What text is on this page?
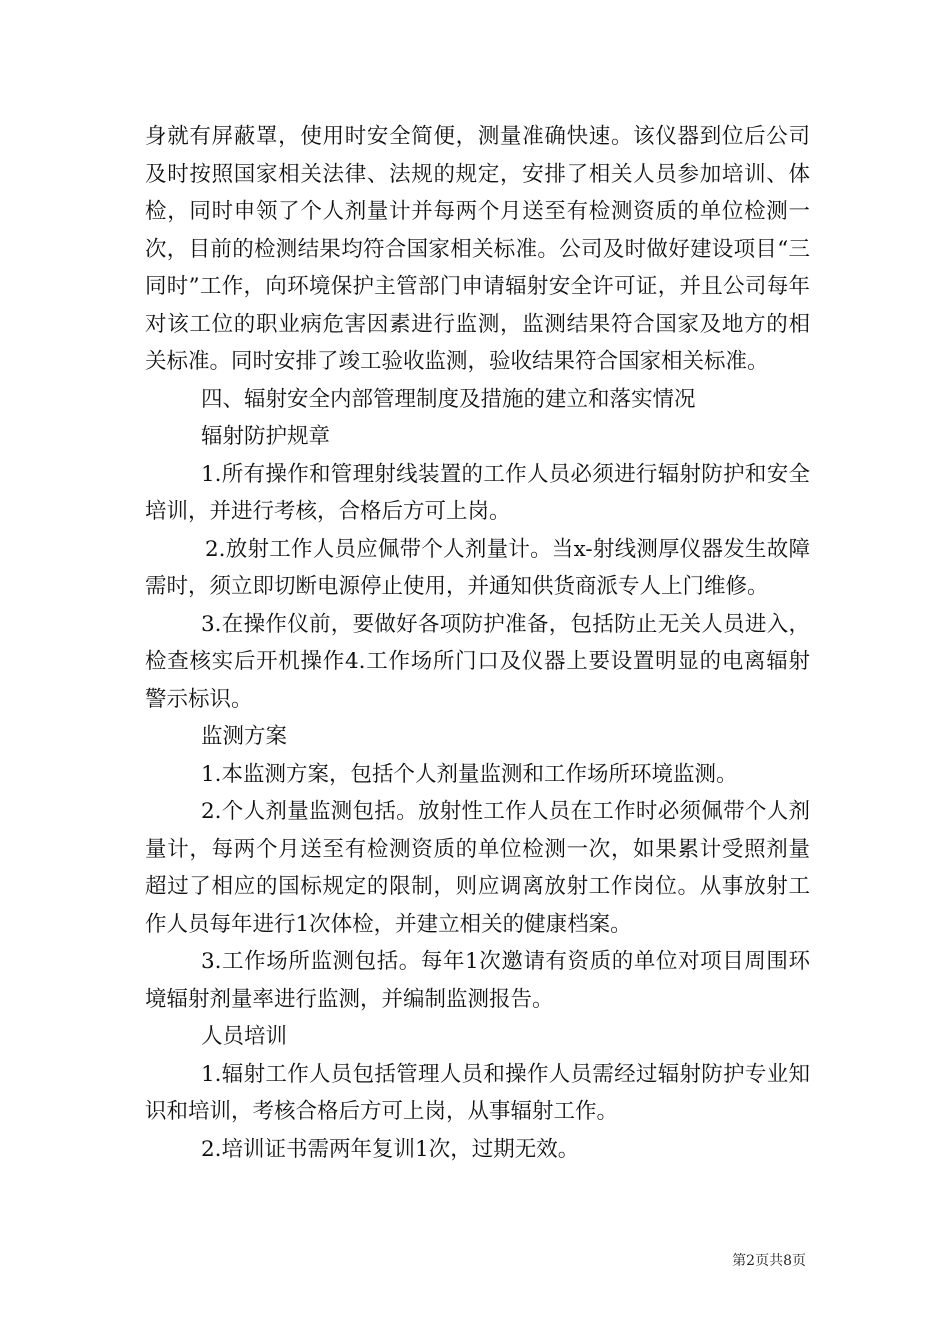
身就有屏蔽罩，使用时安全简便，测量准确快速。该仪器到位后公司及时按照国家相关法律、法规的规定，安排了相关人员参加培训、体检，同时申领了个人剂量计并每两个月送至有检测资质的单位检测一次，目前的检测结果均符合国家相关标准。公司及时做好建设项目“三同时”工作，向环境保护主管部门申请辐射安全许可证，并且公司每年对该工位的职业病危害因素进行监测，监测结果符合国家及地方的相关标准。同时安排了竣工验收监测，验收结果符合国家相关标准。

四、辐射安全内部管理制度及措施的建立和落实情况

辐射防护规章

1.所有操作和管理射线装置的工作人员必须进行辐射防护和安全培训，并进行考核，合格后方可上岗。

2.放射工作人员应佩带个人剂量计。当x-射线测厚仪器发生故障需时，须立即切断电源停止使用，并通知供货商派专人上门维修。

3.在操作仪前，要做好各项防护准备，包括防止无关人员进入，检查核实后开机操作4.工作场所门口及仪器上要设置明显的电离辐射警示标识。

监测方案

1.本监测方案，包括个人剂量监测和工作场所环境监测。

2.个人剂量监测包括。放射性工作人员在工作时必须佩带个人剂量计，每两个月送至有检测资质的单位检测一次，如果累计受照剂量超过了相应的国标规定的限制，则应调离放射工作岗位。从事放射工作人员每年进行1次体检，并建立相关的健康档案。

3.工作场所监测包括。每年1次邀请有资质的单位对项目周围环境辐射剂量率进行监测，并编制监测报告。

人员培训

1.辐射工作人员包括管理人员和操作人员需经过辐射防护专业知识和培训，考核合格后方可上岗，从事辐射工作。

2.培训证书需两年复训1次，过期无效。

第2页共8页
